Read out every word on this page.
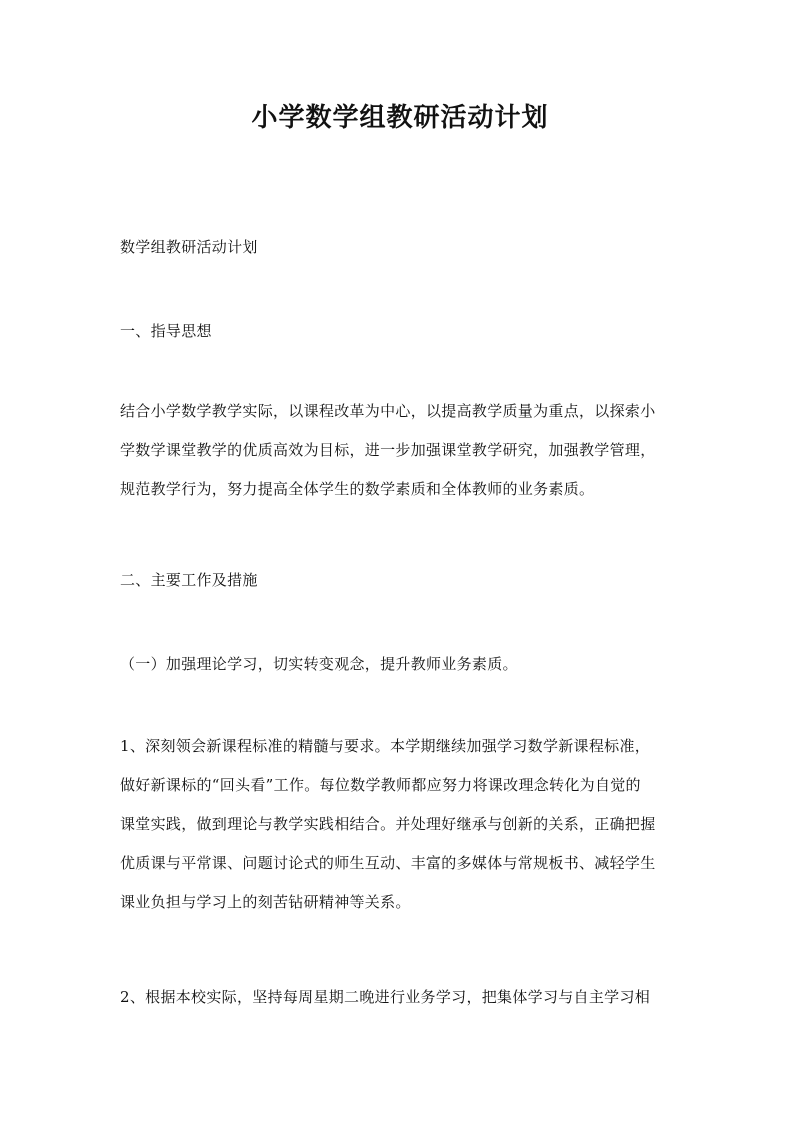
小学数学组教研活动计划

数学组教研活动计划

一、指导思想

结合小学数学教学实际，以课程改革为中心，以提高教学质量为重点，以探索小
学数学课堂教学的优质高效为目标，进一步加强课堂教学研究，加强教学管理，
规范教学行为，努力提高全体学生的数学素质和全体教师的业务素质。

二、主要工作及措施

（一）加强理论学习，切实转变观念，提升教师业务素质。

1、深刻领会新课程标准的精髓与要求。本学期继续加强学习数学新课程标准，
做好新课标的“回头看”工作。每位数学教师都应努力将课改理念转化为自觉的
课堂实践，做到理论与教学实践相结合。并处理好继承与创新的关系，正确把握
优质课与平常课、问题讨论式的师生互动、丰富的多媒体与常规板书、减轻学生
课业负担与学习上的刻苦钻研精神等关系。

2、根据本校实际，坚持每周星期二晚进行业务学习，把集体学习与自主学习相
